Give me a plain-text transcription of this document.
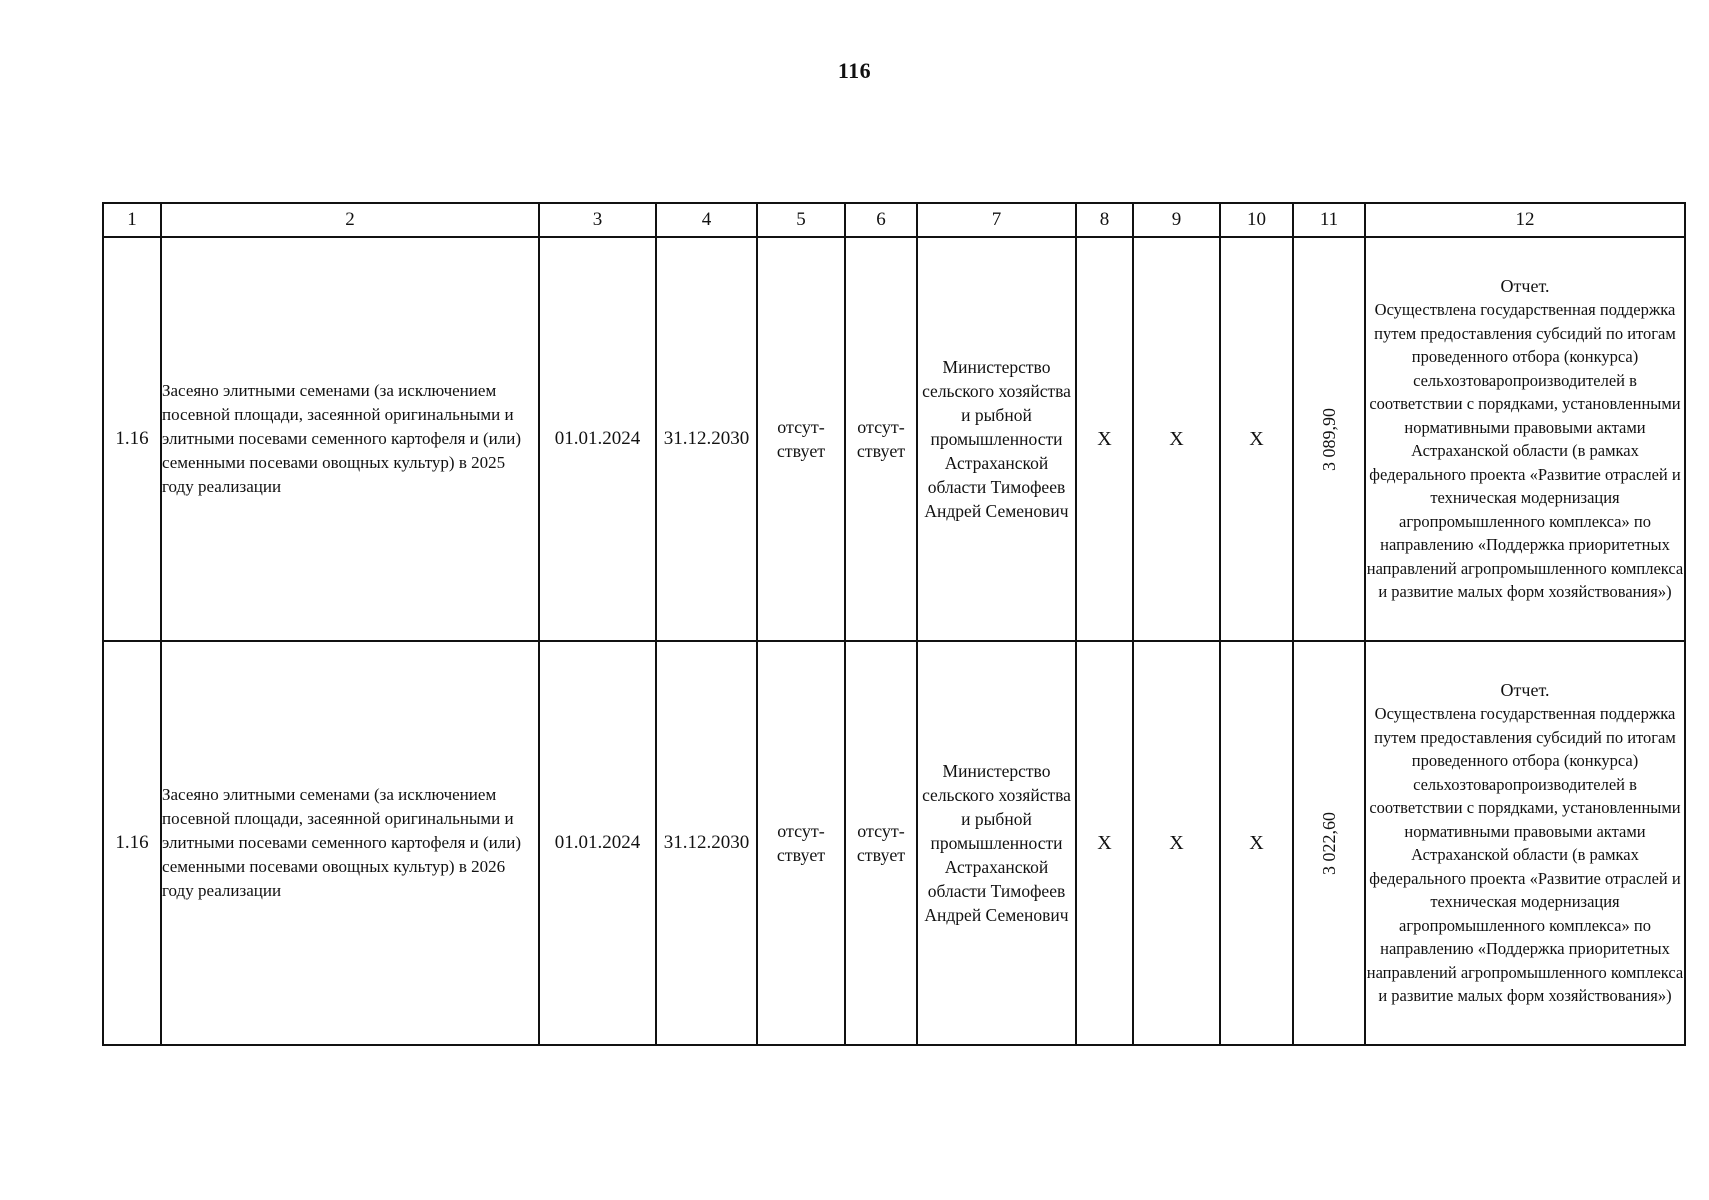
116
1	2	3	4	5	6	7	8	9	10	11	12
1.16	Засеяно элитными семенами (за исключением посевной площади, засеянной оригинальными и элитными посевами семенного картофеля и (или) семенными посевами овощных культур) в 2025 году реализации	01.01.2024	31.12.2030	отсут-ствует	отсут-ствует	Министерство сельского хозяйства и рыбной промышленности Астраханской области Тимофеев Андрей Семенович	X	X	X	3 089,90	Отчет.
Осуществлена государственная поддержка путем предоставления субсидий по итогам проведенного отбора (конкурса) сельхозтоваропроизводителей в соответствии с порядками, установленными нормативными правовыми актами Астраханской области (в рамках федерального проекта «Развитие отраслей и техническая модернизация агропромышленного комплекса» по направлению «Поддержка приоритетных направлений агропромышленного комплекса и развитие малых форм хозяйствования»)
1.16	Засеяно элитными семенами (за исключением посевной площади, засеянной оригинальными и элитными посевами семенного картофеля и (или) семенными посевами овощных культур) в 2026 году реализации	01.01.2024	31.12.2030	отсут-ствует	отсут-ствует	Министерство сельского хозяйства и рыбной промышленности Астраханской области Тимофеев Андрей Семенович	X	X	X	3 022,60	Отчет.
Осуществлена государственная поддержка путем предоставления субсидий по итогам проведенного отбора (конкурса) сельхозтоваропроизводителей в соответствии с порядками, установленными нормативными правовыми актами Астраханской области (в рамках федерального проекта «Развитие отраслей и техническая модернизация агропромышленного комплекса» по направлению «Поддержка приоритетных направлений агропромышленного комплекса и развитие малых форм хозяйствования»)
